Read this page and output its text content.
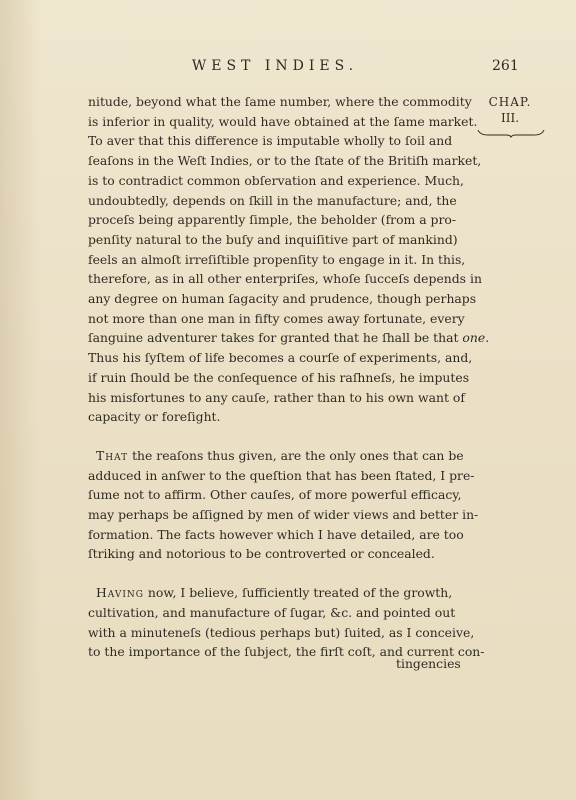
WEST INDIES.	261
CHAP.
III.
nitude, beyond what the ſame number, where the commodity
is inferior in quality, would have obtained at the ſame market.
To aver that this difference is imputable wholly to ſoil and
ſeaſons in the Weſt Indies, or to the ſtate of the Britiſh market,
is to contradict common obſervation and experience. Much,
undoubtedly, depends on ſkill in the manufacture; and, the
proceſs being apparently ſimple, the beholder (from a pro-
penſity natural to the buſy and inquiſitive part of mankind)
feels an almoſt irreſiſtible propenſity to engage in it. In this,
therefore, as in all other enterpriſes, whoſe ſucceſs depends in
any degree on human ſagacity and prudence, though perhaps
not more than one man in fifty comes away fortunate, every
ſanguine adventurer takes for granted that he ſhall be that one.
Thus his ſyſtem of life becomes a courſe of experiments, and,
if ruin ſhould be the conſequence of his raſhneſs, he imputes
his misfortunes to any cauſe, rather than to his own want of
capacity or foreſight.
That the reaſons thus given, are the only ones that can be
adduced in anſwer to the queſtion that has been ſtated, I pre-
ſume not to affirm. Other cauſes, of more powerful efficacy,
may perhaps be aſſigned by men of wider views and better in-
formation. The facts however which I have detailed, are too
ſtriking and notorious to be controverted or concealed.
Having now, I believe, ſufficiently treated of the growth,
cultivation, and manufacture of ſugar, &c. and pointed out
with a minuteneſs (tedious perhaps but) ſuited, as I conceive,
to the importance of the ſubject, the firſt coſt, and current con-
tingencies
